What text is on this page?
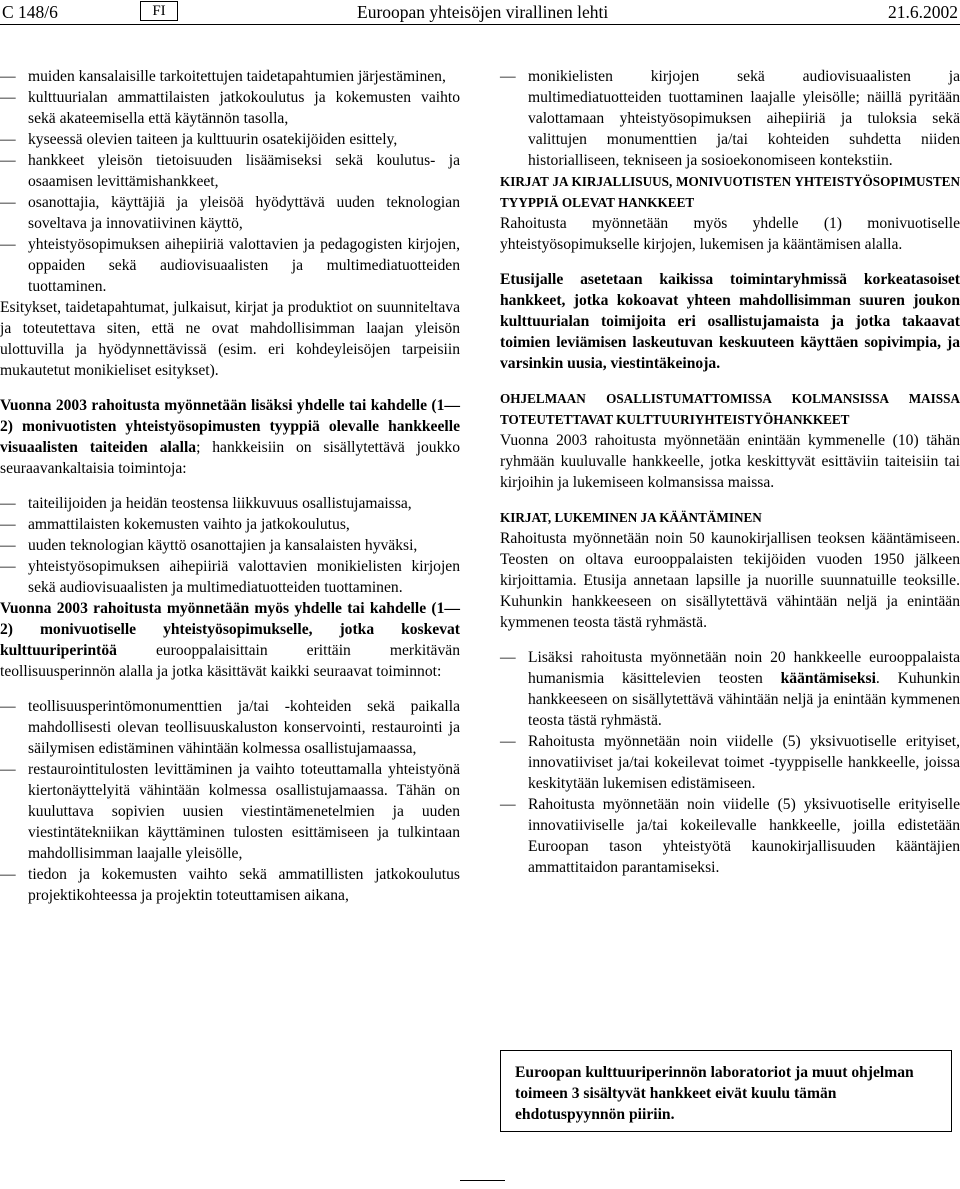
C 148/6	FI	Euroopan yhteisöjen virallinen lehti	21.6.2002

— muiden kansalaisille tarkoitettujen taidetapahtumien järjestäminen,

— kulttuurialan ammattilaisten jatkokoulutus ja kokemusten vaihto sekä akateemisella että käytännön tasolla,

— kyseessä olevien taiteen ja kulttuurin osatekijöiden esittely,

— hankkeet yleisön tietoisuuden lisäämiseksi sekä koulutus- ja osaamisen levittämishankkeet,

— osanottajia, käyttäjiä ja yleisöä hyödyttävä uuden teknologian soveltava ja innovatiivinen käyttö,

— yhteistyösopimuksen aihepiiriä valottavien ja pedagogisten kirjojen, oppaiden sekä audiovisuaalisten ja multimediatuotteiden tuottaminen.

Esitykset, taidetapahtumat, julkaisut, kirjat ja produktiot on suunniteltava ja toteutettava siten, että ne ovat mahdollisimman laajan yleisön ulottuvilla ja hyödynnettävissä (esim. eri kohdeyleisöjen tarpeisiin mukautetut monikieliset esitykset).

Vuonna 2003 rahoitusta myönnetään lisäksi yhdelle tai kahdelle (1—2) monivuotisten yhteistyösopimusten tyyppiä olevalle hankkeelle visuaalisten taiteiden alalla; hankkeisiin on sisällytettävä joukko seuraavankaltaisia toimintoja:

— taiteilijoiden ja heidän teostensa liikkuvuus osallistujamaissa,

— ammattilaisten kokemusten vaihto ja jatkokoulutus,

— uuden teknologian käyttö osanottajien ja kansalaisten hyväksi,

— yhteistyösopimuksen aihepiiriä valottavien monikielisten kirjojen sekä audiovisuaalisten ja multimediatuotteiden tuottaminen.

Vuonna 2003 rahoitusta myönnetään myös yhdelle tai kahdelle (1—2) monivuotiselle yhteistyösopimukselle, jotka koskevat kulttuuriperintöä eurooppalaisittain erittäin merkitävän teollisuusperinnön alalla ja jotka käsittävät kaikki seuraavat toiminnot:

— teollisuusperintömonumenttien ja/tai -kohteiden sekä paikalla mahdollisesti olevan teollisuuskaluston konservointi, restaurointi ja säilymisen edistäminen vähintään kolmessa osallistujamaassa,

— restaurointitulosten levittäminen ja vaihto toteuttamalla yhteistyönä kiertonäyttelyitä vähintään kolmessa osallistujamaassa. Tähän on kuuluttava sopivien uusien viestintämenetelmien ja uuden viestintätekniikan käyttäminen tulosten esittämiseen ja tulkintaan mahdollisimman laajalle yleisölle,

— tiedon ja kokemusten vaihto sekä ammatillisten jatkokoulutus projektikohteessa ja projektin toteuttamisen aikana,

— monikielisten kirjojen sekä audiovisuaalisten ja multimediatuotteiden tuottaminen laajalle yleisölle; näillä pyritään valottamaan yhteistyösopimuksen aihepiiriä ja tuloksia sekä valittujen monumenttien ja/tai kohteiden suhdetta niiden historialliseen, tekniseen ja sosioekonomiseen kontekstiin.

KIRJAT JA KIRJALLISUUS, MONIVUOTISTEN YHTEISTYÖSOPIMUSTEN TYYPPIÄ OLEVAT HANKKEET

Rahoitusta myönnetään myös yhdelle (1) monivuotiselle yhteistyösopimukselle kirjojen, lukemisen ja kääntämisen alalla.

Etusijalle asetetaan kaikissa toimintaryhmissä korkeatasoiset hankkeet, jotka kokoavat yhteen mahdollisimman suuren joukon kulttuurialan toimijoita eri osallistujamaista ja jotka takaavat toimien leviämisen laskeutuvan keskuuteen käyttäen sopivimpia, ja varsinkin uusia, viestintäkeinoja.

OHJELMAAN OSALLISTUMATTOMISSA KOLMANSISSA MAISSA TOTEUTETTAVAT KULTTUURIYHTEISTYÖHANKKEET

Vuonna 2003 rahoitusta myönnetään enintään kymmenelle (10) tähän ryhmään kuuluvalle hankkeelle, jotka keskittyvät esittäviin taiteisiin tai kirjoihin ja lukemiseen kolmansissa maissa.

KIRJAT, LUKEMINEN JA KÄÄNTÄMINEN

Rahoitusta myönnetään noin 50 kaunokirjallisen teoksen kääntämiseen. Teosten on oltava eurooppalaisten tekijöiden vuoden 1950 jälkeen kirjoittamia. Etusija annetaan lapsille ja nuorille suunnatuille teoksille. Kuhunkin hankkeeseen on sisällytettävä vähintään neljä ja enintään kymmenen teosta tästä ryhmästä.

— Lisäksi rahoitusta myönnetään noin 20 hankkeelle eurooppalaista humanismia käsittelevien teosten kääntämiseksi. Kuhunkin hankkeeseen on sisällytettävä vähintään neljä ja enintään kymmenen teosta tästä ryhmästä.

— Rahoitusta myönnetään noin viidelle (5) yksivuotiselle erityiset, innovatiiviset ja/tai kokeilevat toimet -tyyppiselle hankkeelle, joissa keskitytään lukemisen edistämiseen.

— Rahoitusta myönnetään noin viidelle (5) yksivuotiselle erityiselle innovatiiviselle ja/tai kokeilevalle hankkeelle, joilla edistetään Euroopan tason yhteistyötä kaunokirjallisuuden kääntäjien ammattitaidon parantamiseksi.

Euroopan kulttuuriperinnön laboratoriot ja muut ohjelman toimeen 3 sisältyvät hankkeet eivät kuulu tämän ehdotuspyynnön piiriin.
